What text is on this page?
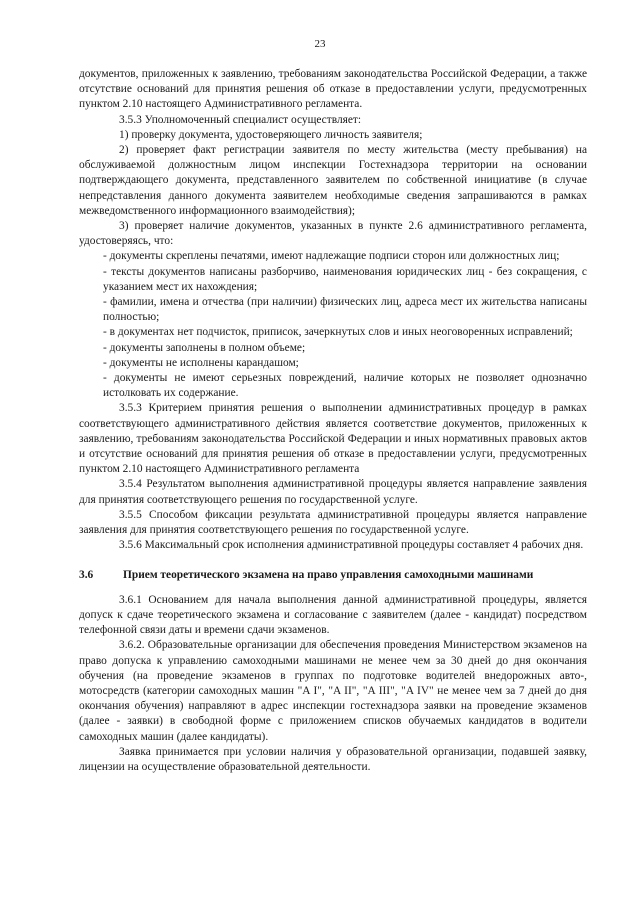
23

документов, приложенных к заявлению, требованиям законодательства Российской Федерации, а также отсутствие оснований для принятия решения об отказе в предоставлении услуги, предусмотренных пунктом 2.10 настоящего Административного регламента.

3.5.3 Уполномоченный специалист осуществляет:

1) проверку документа, удостоверяющего личность заявителя;

2) проверяет факт регистрации заявителя по месту жительства (месту пребывания) на обслуживаемой должностным лицом инспекции Гостехнадзора территории на основании подтверждающего документа, представленного заявителем по собственной инициативе (в случае непредставления данного документа заявителем необходимые сведения запрашиваются в рамках межведомственного информационного взаимодействия);

3) проверяет наличие документов, указанных в пункте 2.6 административного регламента, удостоверяясь, что:

- документы скреплены печатями, имеют надлежащие подписи сторон или должностных лиц;

- тексты документов написаны разборчиво, наименования юридических лиц - без сокращения, с указанием мест их нахождения;

- фамилии, имена и отчества (при наличии) физических лиц, адреса мест их жительства написаны полностью;

- в документах нет подчисток, приписок, зачеркнутых слов и иных неоговоренных исправлений;

- документы заполнены в полном объеме;

- документы не исполнены карандашом;

- документы не имеют серьезных повреждений, наличие которых не позволяет однозначно истолковать их содержание.

3.5.3 Критерием принятия решения о выполнении административных процедур в рамках соответствующего административного действия является соответствие документов, приложенных к заявлению, требованиям законодательства Российской Федерации и иных нормативных правовых актов и отсутствие оснований для принятия решения об отказе в предоставлении услуги, предусмотренных пунктом 2.10 настоящего Административного регламента

3.5.4 Результатом выполнения административной процедуры является направление заявления для принятия соответствующего решения по государственной услуге.

3.5.5 Способом фиксации результата административной процедуры является направление заявления для принятия соответствующего решения по государственной услуге.

3.5.6 Максимальный срок исполнения административной процедуры составляет 4 рабочих дня.

3.6	Прием теоретического экзамена на право управления самоходными машинами

3.6.1 Основанием для начала выполнения данной административной процедуры, является допуск к сдаче теоретического экзамена и согласование с заявителем (далее - кандидат) посредством телефонной связи даты и времени сдачи экзаменов.

3.6.2. Образовательные организации для обеспечения проведения Министерством экзаменов на право допуска к управлению самоходными машинами не менее чем за 30 дней до дня окончания обучения (на проведение экзаменов в группах по подготовке водителей внедорожных авто-, мотосредств (категории самоходных машин "A I", "A II", "A III", "A IV" не менее чем за 7 дней до дня окончания обучения) направляют в адрес инспекции гостехнадзора заявки на проведение экзаменов (далее - заявки) в свободной форме с приложением списков обучаемых кандидатов в водители самоходных машин (далее кандидаты).

Заявка принимается при условии наличия у образовательной организации, подавшей заявку, лицензии на осуществление образовательной деятельности.
